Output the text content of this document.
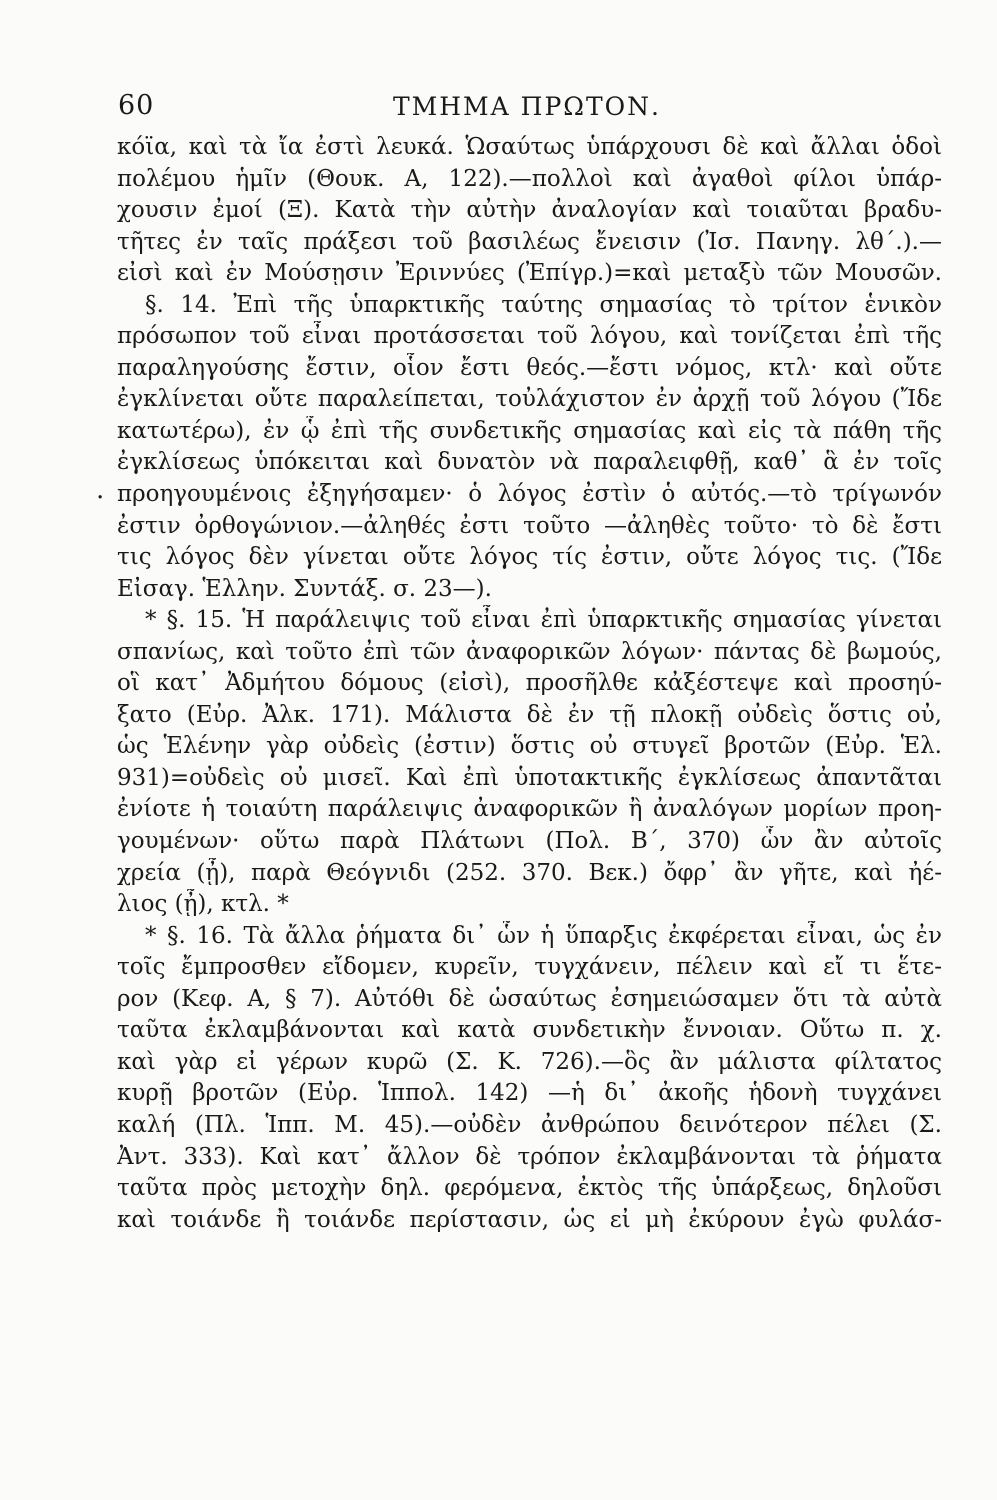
60	ΤΜΗΜΑ ΠΡΩΤΟΝ.
.
κόϊα, καὶ τὰ ἴα ἐστὶ λευκά. Ὡσαύτως ὑπάρχουσι δὲ καὶ ἄλλαι ὁδοὶ
πολέμου ἡμῖν (Θουκ. Α, 122).—πολλοὶ καὶ ἀγαθοὶ φίλοι ὑπάρ-
χουσιν ἐμοί (Ξ). Κατὰ τὴν αὐτὴν ἀναλογίαν καὶ τοιαῦται βραδυ-
τῆτες ἐν ταῖς πράξεσι τοῦ βασιλέως ἔνεισιν (Ἰσ. Πανηγ. λθ΄.).—
εἰσὶ καὶ ἐν Μούσῃσιν Ἐριννύες (Ἐπίγρ.)=καὶ μεταξὺ τῶν Μουσῶν.
§. 14. Ἐπὶ τῆς ὑπαρκτικῆς ταύτης σημασίας τὸ τρίτον ἑνικὸν
πρόσωπον τοῦ εἶναι προτάσσεται τοῦ λόγου, καὶ τονίζεται ἐπὶ τῆς
παραληγούσης ἔστιν, οἷον ἔστι θεός.—ἔστι νόμος, κτλ· καὶ οὔτε
ἐγκλίνεται οὔτε παραλείπεται, τοὐλάχιστον ἐν ἀρχῇ τοῦ λόγου (Ἴδε
κατωτέρω), ἐν ᾧ ἐπὶ τῆς συνδετικῆς σημασίας καὶ εἰς τὰ πάθη τῆς
ἐγκλίσεως ὑπόκειται καὶ δυνατὸν νὰ παραλειφθῇ, καθ᾽ ἃ ἐν τοῖς
προηγουμένοις ἐξηγήσαμεν· ὁ λόγος ἐστὶν ὁ αὐτός.—τὸ τρίγωνόν
ἐστιν ὀρθογώνιον.—ἀληθές ἐστι τοῦτο —ἀληθὲς τοῦτο· τὸ δὲ ἔστι
τις λόγος δὲν γίνεται οὔτε λόγος τίς ἐστιν, οὔτε λόγος τις. (Ἴδε
Εἰσαγ. Ἑλλην. Συντάξ. σ. 23—).
* §. 15. Ἡ παράλειψις τοῦ εἶναι ἐπὶ ὑπαρκτικῆς σημασίας γίνεται
σπανίως, καὶ τοῦτο ἐπὶ τῶν ἀναφορικῶν λόγων· πάντας δὲ βωμούς,
οἳ κατ᾽ Ἀδμήτου δόμους (εἰσὶ), προσῆλθε κἀξέστεψε καὶ προσηύ-
ξατο (Εὐρ. Ἀλκ. 171). Μάλιστα δὲ ἐν τῇ πλοκῇ οὐδεὶς ὅστις οὐ,
ὡς Ἑλένην γὰρ οὐδεὶς (ἐστιν) ὅστις οὐ στυγεῖ βροτῶν (Εὐρ. Ἑλ.
931)=οὐδεὶς οὐ μισεῖ. Καὶ ἐπὶ ὑποτακτικῆς ἐγκλίσεως ἀπαντᾶται
ἐνίοτε ἡ τοιαύτη παράλειψις ἀναφορικῶν ἢ ἀναλόγων μορίων προη-
γουμένων· οὕτω παρὰ Πλάτωνι (Πολ. Β΄, 370) ὧν ἂν αὐτοῖς
χρεία (ᾖ), παρὰ Θεόγνιδι (252. 370. Βεκ.) ὄφρ᾽ ἂν γῆτε, καὶ ἠέ-
λιος (ᾖ), κτλ. *
* §. 16. Τὰ ἄλλα ῥήματα δι᾽ ὧν ἡ ὕπαρξις ἐκφέρεται εἶναι, ὡς ἐν
τοῖς ἔμπροσθεν εἴδομεν, κυρεῖν, τυγχάνειν, πέλειν καὶ εἴ τι ἕτε-
ρον (Κεφ. Α, § 7). Αὐτόθι δὲ ὡσαύτως ἐσημειώσαμεν ὅτι τὰ αὐτὰ
ταῦτα ἐκλαμβάνονται καὶ κατὰ συνδετικὴν ἔννοιαν. Οὕτω π. χ.
καὶ γὰρ εἰ γέρων κυρῶ (Σ. Κ. 726).—ὃς ἂν μάλιστα φίλτατος
κυρῇ βροτῶν (Εὐρ. Ἱππολ. 142) —ἡ δι᾽ ἀκοῆς ἡδονὴ τυγχάνει
καλή (Πλ. Ἱππ. Μ. 45).—οὐδὲν ἀνθρώπου δεινότερον πέλει (Σ.
Ἀντ. 333). Καὶ κατ᾽ ἄλλον δὲ τρόπον ἐκλαμβάνονται τὰ ῥήματα
ταῦτα πρὸς μετοχὴν δηλ. φερόμενα, ἐκτὸς τῆς ὑπάρξεως, δηλοῦσι
καὶ τοιάνδε ἢ τοιάνδε περίστασιν, ὡς εἰ μὴ ἐκύρουν ἐγὼ φυλάσ-
